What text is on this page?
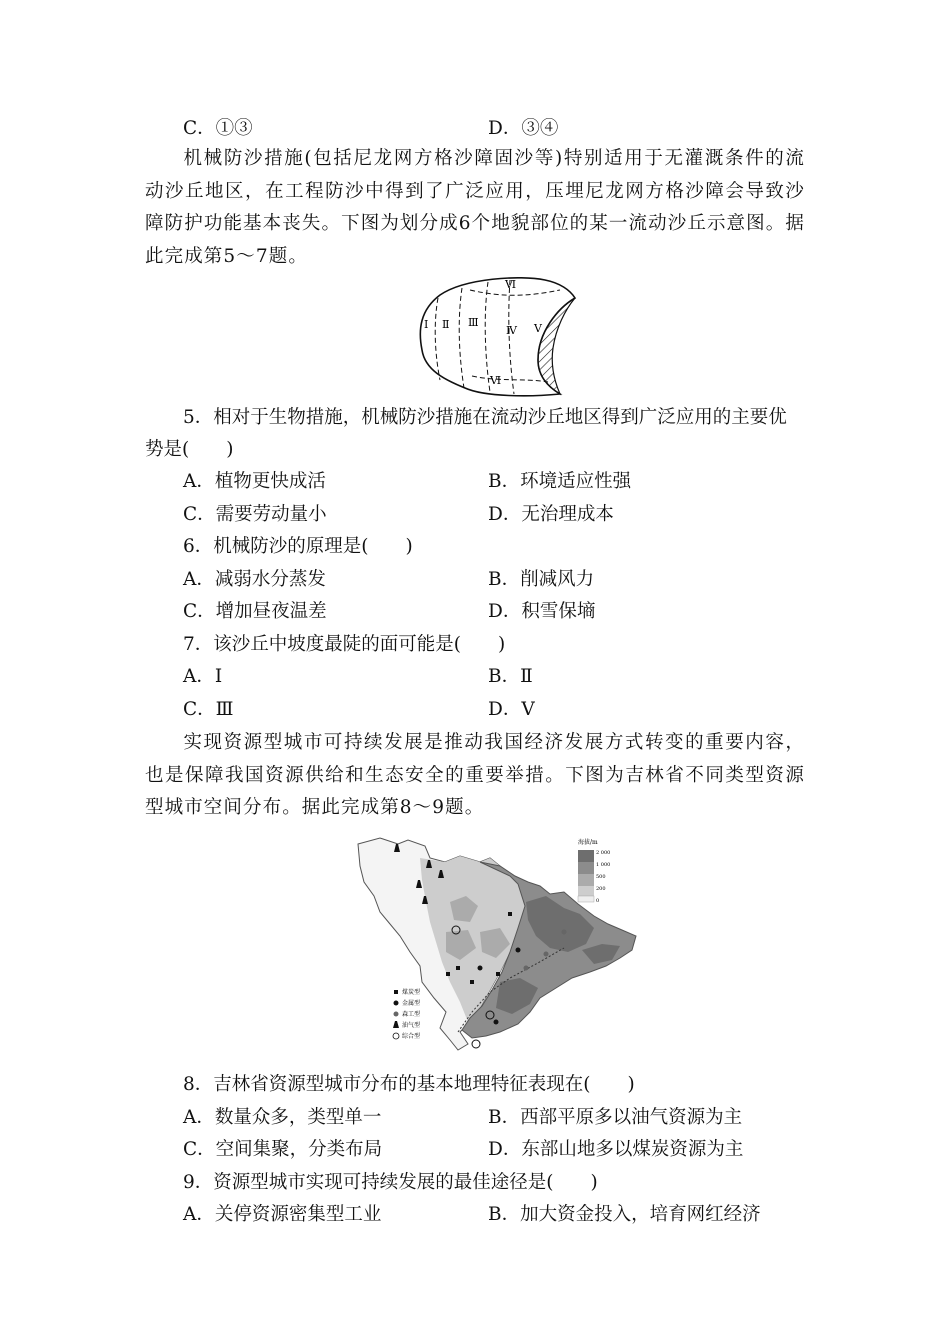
C．①③	D．③④
机械防沙措施(包括尼龙网方格沙障固沙等)特别适用于无灌溉条件的流动沙丘地区，在工程防沙中得到了广泛应用，压埋尼龙网方格沙障会导致沙障防护功能基本丧失。下图为划分成6个地貌部位的某一流动沙丘示意图。据此完成第5～7题。
Ⅰ Ⅱ Ⅲ
Ⅳ Ⅴ
Ⅵ
Ⅵ
5．相对于生物措施，机械防沙措施在流动沙丘地区得到广泛应用的主要优
势是(　　)
A．植物更快成活	B．环境适应性强
C．需要劳动量小	D．无治理成本
6．机械防沙的原理是(　　)
A．减弱水分蒸发	B．削减风力
C．增加昼夜温差	D．积雪保墒
7．该沙丘中坡度最陡的面可能是(　　)
A．Ⅰ	B．Ⅱ
C．Ⅲ	D．Ⅴ
实现资源型城市可持续发展是推动我国经济发展方式转变的重要内容，也是保障我国资源供给和生态安全的重要举措。下图为吉林省不同类型资源型城市空间分布。据此完成第8～9题。
海拔/m
2 000
1 000
500
200
0
煤炭型
金属型
森工型
油气型
综合型
8．吉林省资源型城市分布的基本地理特征表现在(　　)
A．数量众多，类型单一	B．西部平原多以油气资源为主
C．空间集聚，分类布局	D．东部山地多以煤炭资源为主
9．资源型城市实现可持续发展的最佳途径是(　　)
A．关停资源密集型工业	B．加大资金投入，培育网红经济
